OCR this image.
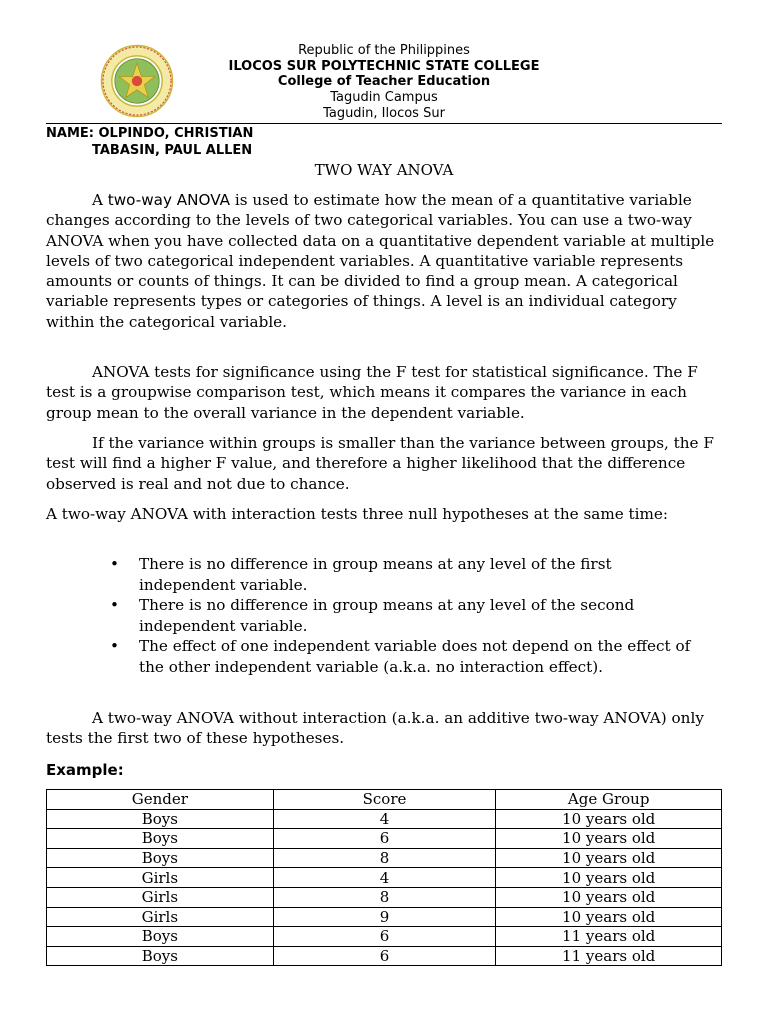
Republic of the Philippines
ILOCOS SUR POLYTECHNIC STATE COLLEGE
College of Teacher Education
Tagudin Campus
Tagudin, Ilocos Sur
NAME: OLPINDO, CHRISTIAN
TABASIN, PAUL ALLEN
TWO WAY ANOVA

A two-way ANOVA is used to estimate how the mean of a quantitative variable changes according to the levels of two categorical variables. You can use a two-way ANOVA when you have collected data on a quantitative dependent variable at multiple levels of two categorical independent variables. A quantitative variable represents amounts or counts of things. It can be divided to find a group mean. A categorical variable represents types or categories of things. A level is an individual category within the categorical variable.

ANOVA tests for significance using the F test for statistical significance. The F test is a groupwise comparison test, which means it compares the variance in each group mean to the overall variance in the dependent variable.

If the variance within groups is smaller than the variance between groups, the F test will find a higher F value, and therefore a higher likelihood that the difference observed is real and not due to chance.

A two-way ANOVA with interaction tests three null hypotheses at the same time:

• There is no difference in group means at any level of the first independent variable.
• There is no difference in group means at any level of the second independent variable.
• The effect of one independent variable does not depend on the effect of the other independent variable (a.k.a. no interaction effect).

A two-way ANOVA without interaction (a.k.a. an additive two-way ANOVA) only tests the first two of these hypotheses.

Example:
Gender	Score	Age Group
Boys	4	10 years old
Boys	6	10 years old
Boys	8	10 years old
Girls	4	10 years old
Girls	8	10 years old
Girls	9	10 years old
Boys	6	11 years old
Boys	6	11 years old
